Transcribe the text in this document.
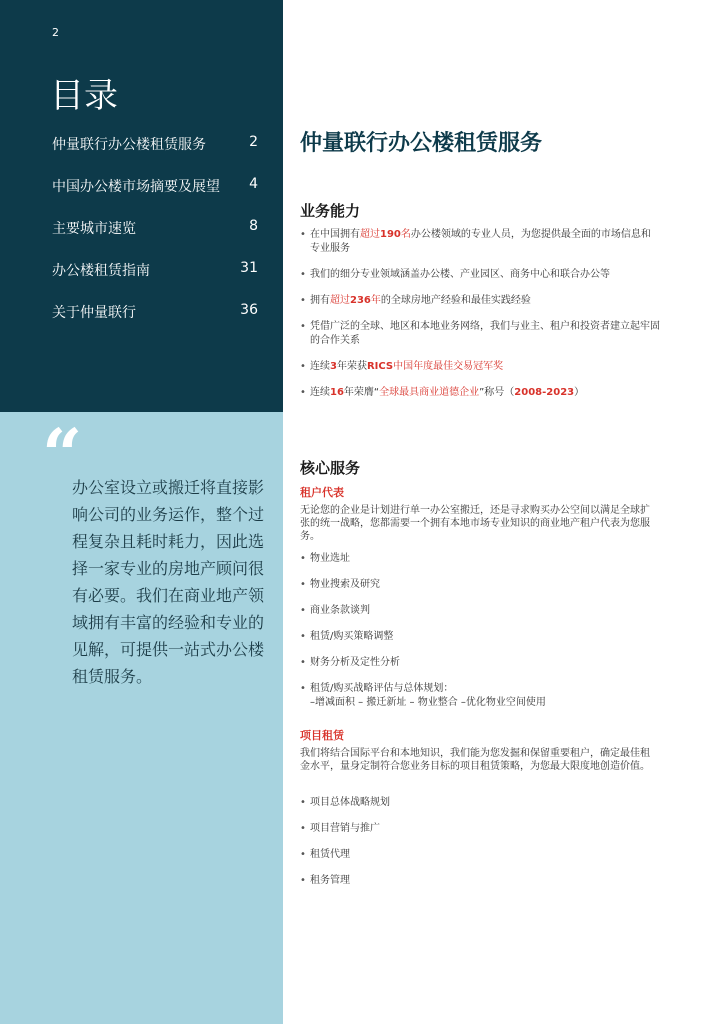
2
目录
仲量联行办公楼租赁服务	2
中国办公楼市场摘要及展望 4
主要城市速览	8
办公楼租赁指南	31
关于仲量联行	36
“

办公室设立或搬迁将直接影响公司的业务运作，整个过程复杂且耗时耗力，因此选择一家专业的房地产顾问很有必要。我们在商业地产领域拥有丰富的经验和专业的见解，可提供一站式办公楼租赁服务。

仲量联行办公楼租赁服务
业务能力
• 在中国拥有超过190名办公楼领域的专业人员，为您提供最全面的市场信息和专业服务
• 我们的细分专业领域涵盖办公楼、产业园区、商务中心和联合办公等
• 拥有超过236年的全球房地产经验和最佳实践经验
• 凭借广泛的全球、地区和本地业务网络，我们与业主、租户和投资者建立起牢固的合作关系
• 连续3年荣获RICS中国年度最佳交易冠军奖
• 连续16年荣膺“全球最具商业道德企业”称号（2008-2023）
核心服务
租户代表

无论您的企业是计划进行单一办公室搬迁，还是寻求购买办公空间以满足全球扩张的统一战略，您都需要一个拥有本地市场专业知识的商业地产租户代表为您服务。

• 物业选址
• 物业搜索及研究
• 商业条款谈判
• 租赁/购买策略调整
• 财务分析及定性分析
• 租赁/购买战略评估与总体规划：
–增减面积 – 搬迁新址 – 物业整合 –优化物业空间使用
项目租赁

我们将结合国际平台和本地知识，我们能为您发掘和保留重要租户，确定最佳租金水平，量身定制符合您业务目标的项目租赁策略，为您最大限度地创造价值。

• 项目总体战略规划
• 项目营销与推广
• 租赁代理
• 租务管理
